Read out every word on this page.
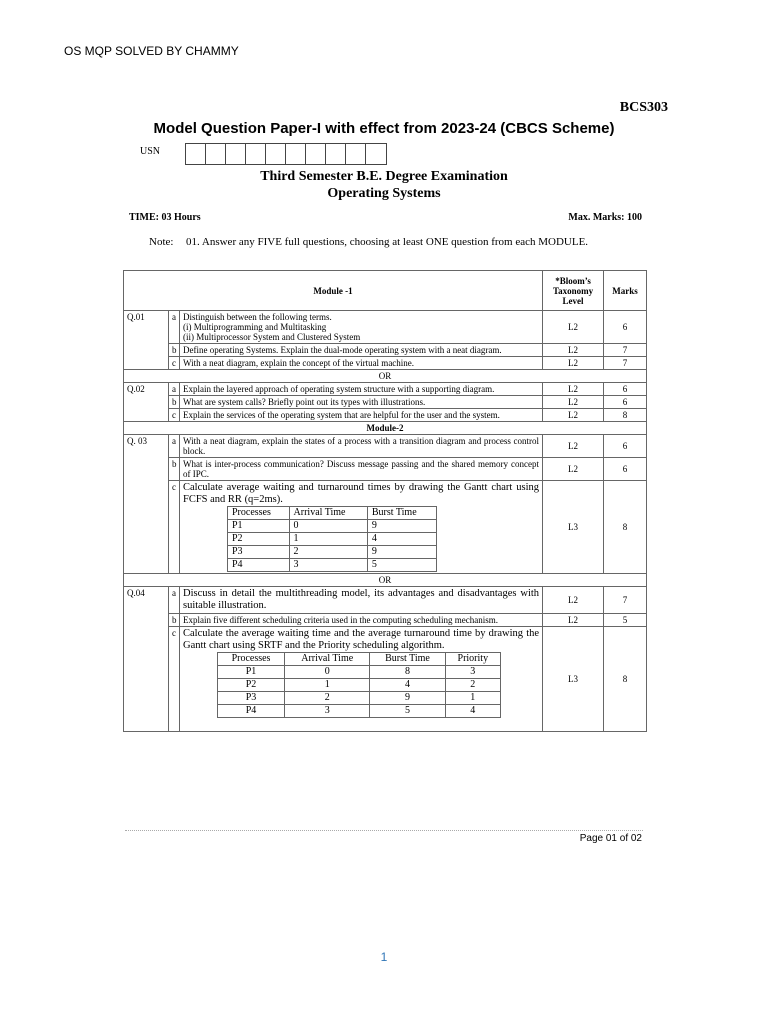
OS MQP SOLVED BY CHAMMY
BCS303
Model Question Paper-I with effect from 2023-24 (CBCS Scheme)
USN
Third Semester B.E. Degree Examination
Operating Systems
TIME: 03 Hours	Max. Marks: 100
Note: 01. Answer any FIVE full questions, choosing at least ONE question from each MODULE.
Module -1	*Bloom’s Taxonomy Level	Marks
Q.01	a	Distinguish between the following terms.
(i) Multiprogramming and Multitasking
(ii) Multiprocessor System and Clustered System
	L2	6
b	Define operating Systems. Explain the dual-mode operating system with a neat diagram.	L2	7
c	With a neat diagram, explain the concept of the virtual machine.	L2	7
OR
Q.02	a	Explain the layered approach of operating system structure with a supporting diagram.	L2	6
b	What are system calls? Briefly point out its types with illustrations.	L2	6
c	Explain the services of the operating system that are helpful for the user and the system.	L2	8
Module-2
Q. 03	a	With a neat diagram, explain the states of a process with a transition diagram and process control block.	L2	6
b	What is inter-process communication? Discuss message passing and the shared memory concept of IPC.	L2	6
c	Calculate average waiting and turnaround times by drawing the Gantt chart using FCFS and RR (q=2ms).
Processes	Arrival Time	Burst Time
P1	0	9
P2	1	4
P3	2	9
P4	3	5
	L3	8
OR
Q.04	a	Discuss in detail the multithreading model, its advantages and disadvantages with suitable illustration.	L2	7
b	Explain five different scheduling criteria used in the computing scheduling mechanism.	L2	5
c	Calculate the average waiting time and the average turnaround time by drawing the Gantt chart using SRTF and the Priority scheduling algorithm.
Processes	Arrival Time	Burst Time	Priority
P1	0	8	3
P2	1	4	2
P3	2	9	1
P4	3	5	4
	L3	8
Page 01 of 02
1
